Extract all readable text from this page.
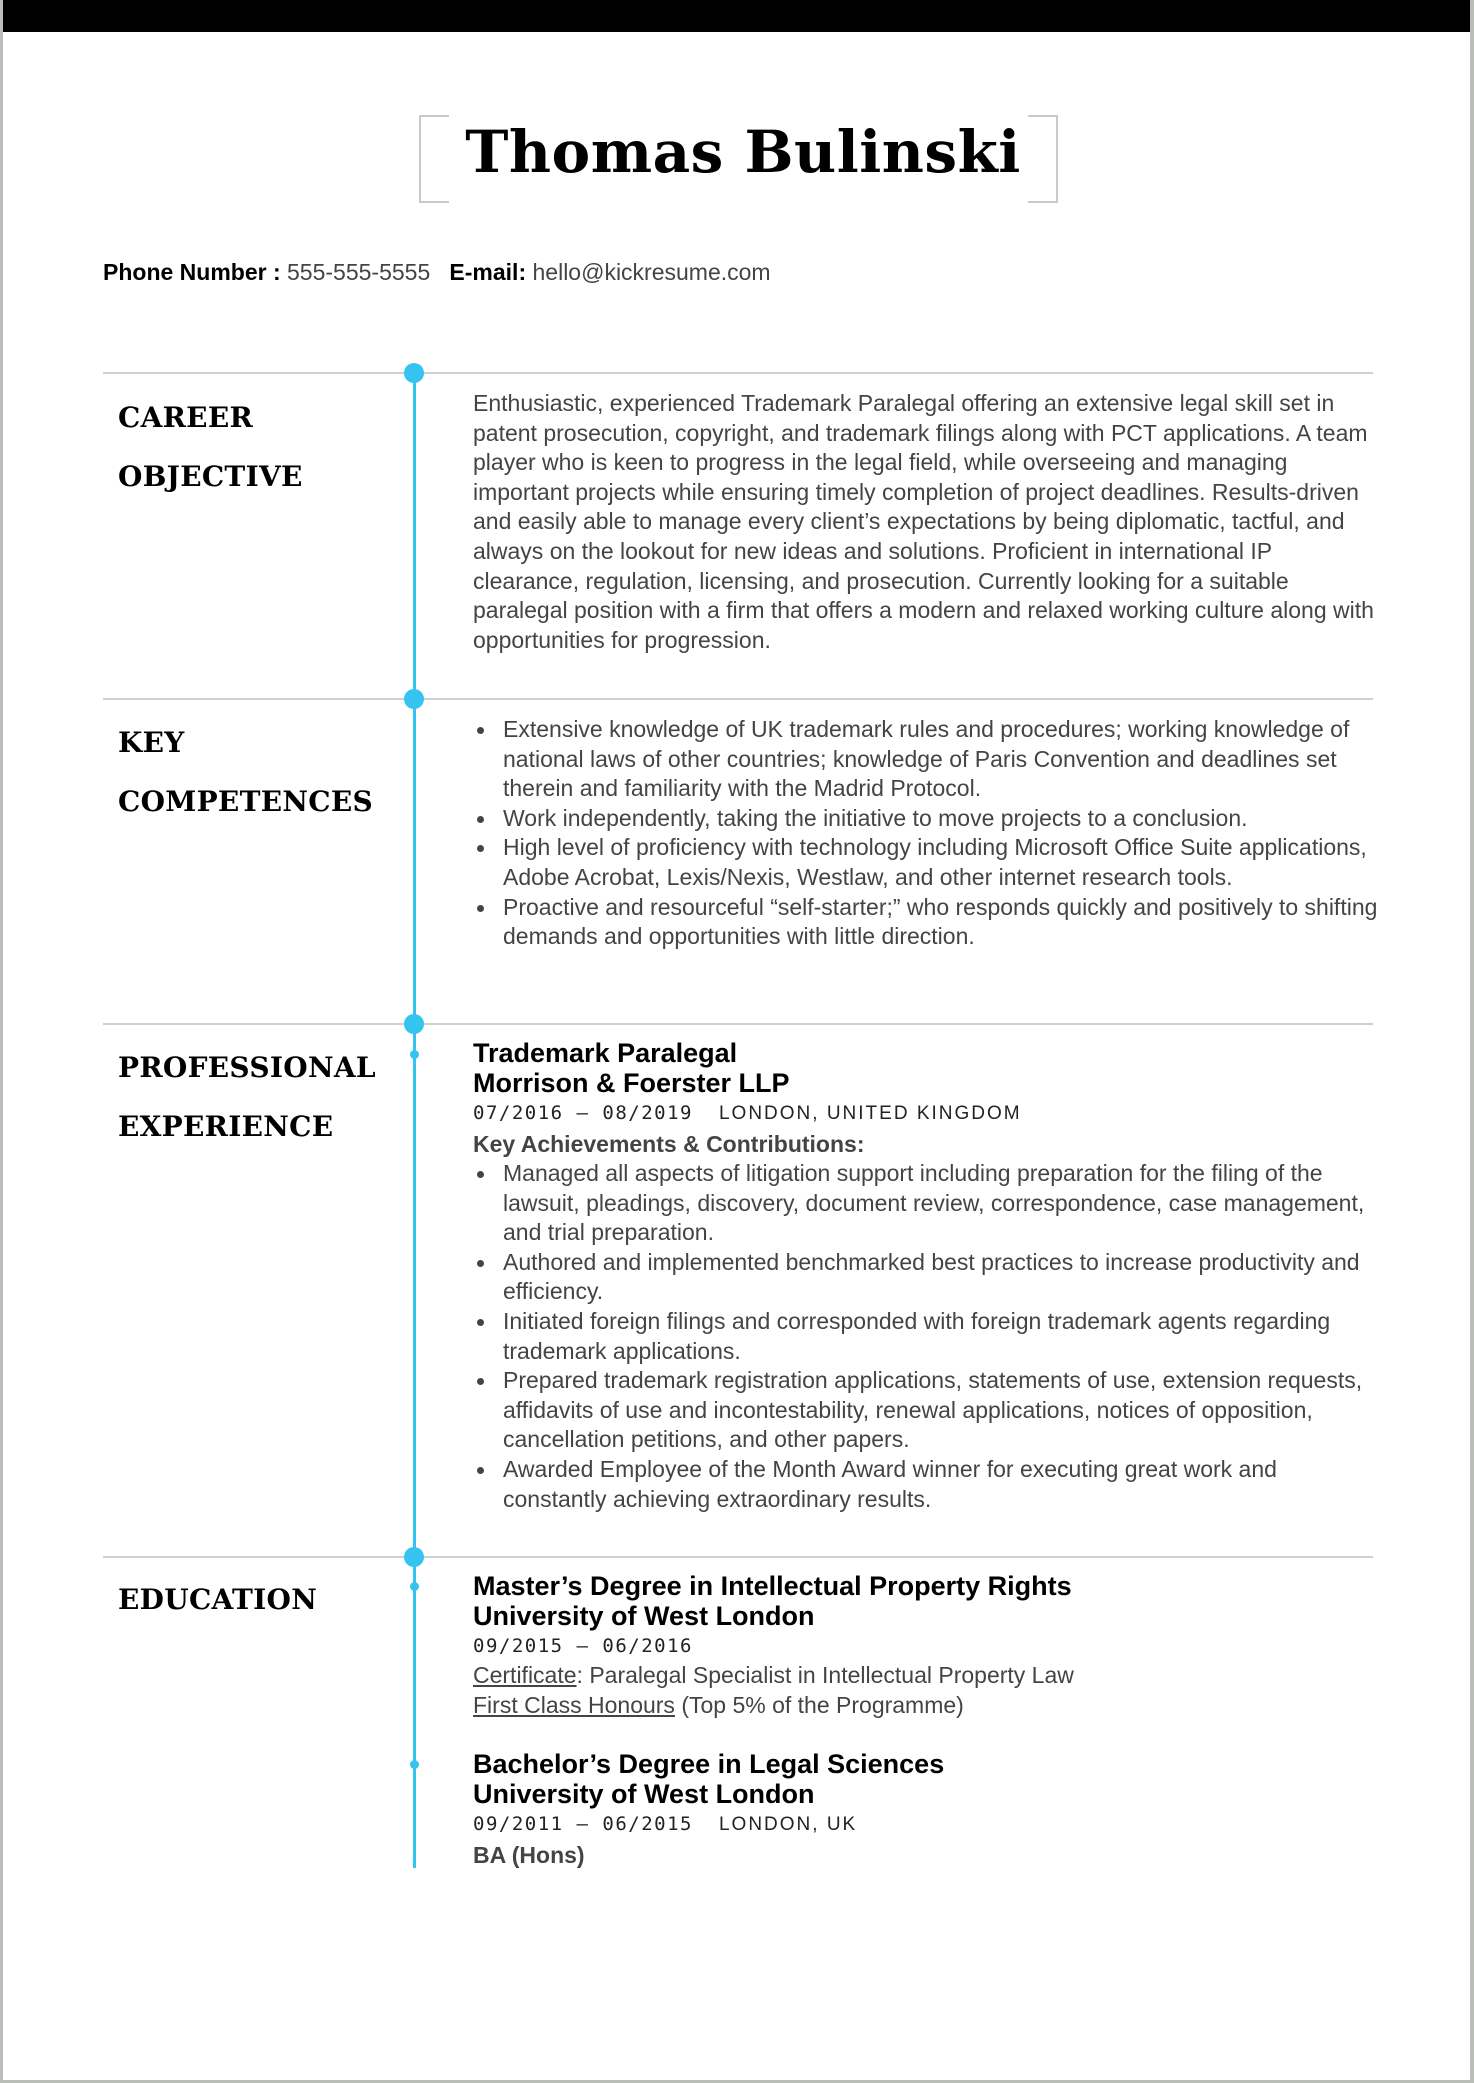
Thomas Bulinski
Phone Number : 555-555-5555 E-mail: hello@kickresume.com
CAREER
OBJECTIVE

Enthusiastic, experienced Trademark Paralegal offering an extensive legal skill set in patent prosecution, copyright, and trademark filings along with PCT applications. A team player who is keen to progress in the legal field, while overseeing and managing important projects while ensuring timely completion of project deadlines. Results-driven and easily able to manage every client’s expectations by being diplomatic, tactful, and always on the lookout for new ideas and solutions. Proficient in international IP clearance, regulation, licensing, and prosecution. Currently looking for a suitable paralegal position with a firm that offers a modern and relaxed working culture along with opportunities for progression.

KEY
COMPETENCES
Extensive knowledge of UK trademark rules and procedures; working knowledge of national laws of other countries; knowledge of Paris Convention and deadlines set therein and familiarity with the Madrid Protocol.
Work independently, taking the initiative to move projects to a conclusion.
High level of proficiency with technology including Microsoft Office Suite applications, Adobe Acrobat, Lexis/Nexis, Westlaw, and other internet research tools.
Proactive and resourceful “self-starter;” who responds quickly and positively to shifting demands and opportunities with little direction.
PROFESSIONAL
EXPERIENCE
Trademark Paralegal
Morrison & Foerster LLP
07/2016 – 08/2019 LONDON, UNITED KINGDOM
Key Achievements & Contributions:
Managed all aspects of litigation support including preparation for the filing of the lawsuit, pleadings, discovery, document review, correspondence, case management, and trial preparation.
Authored and implemented benchmarked best practices to increase productivity and efficiency.
Initiated foreign filings and corresponded with foreign trademark agents regarding trademark applications.
Prepared trademark registration applications, statements of use, extension requests, affidavits of use and incontestability, renewal applications, notices of opposition, cancellation petitions, and other papers.
Awarded Employee of the Month Award winner for executing great work and constantly achieving extraordinary results.
EDUCATION	Master’s Degree in Intellectual Property Rights
University of West London
09/2015 – 06/2016
Certificate: Paralegal Specialist in Intellectual Property Law
First Class Honours (Top 5% of the Programme)
Bachelor’s Degree in Legal Sciences
University of West London
09/2011 – 06/2015 LONDON, UK
BA (Hons)
